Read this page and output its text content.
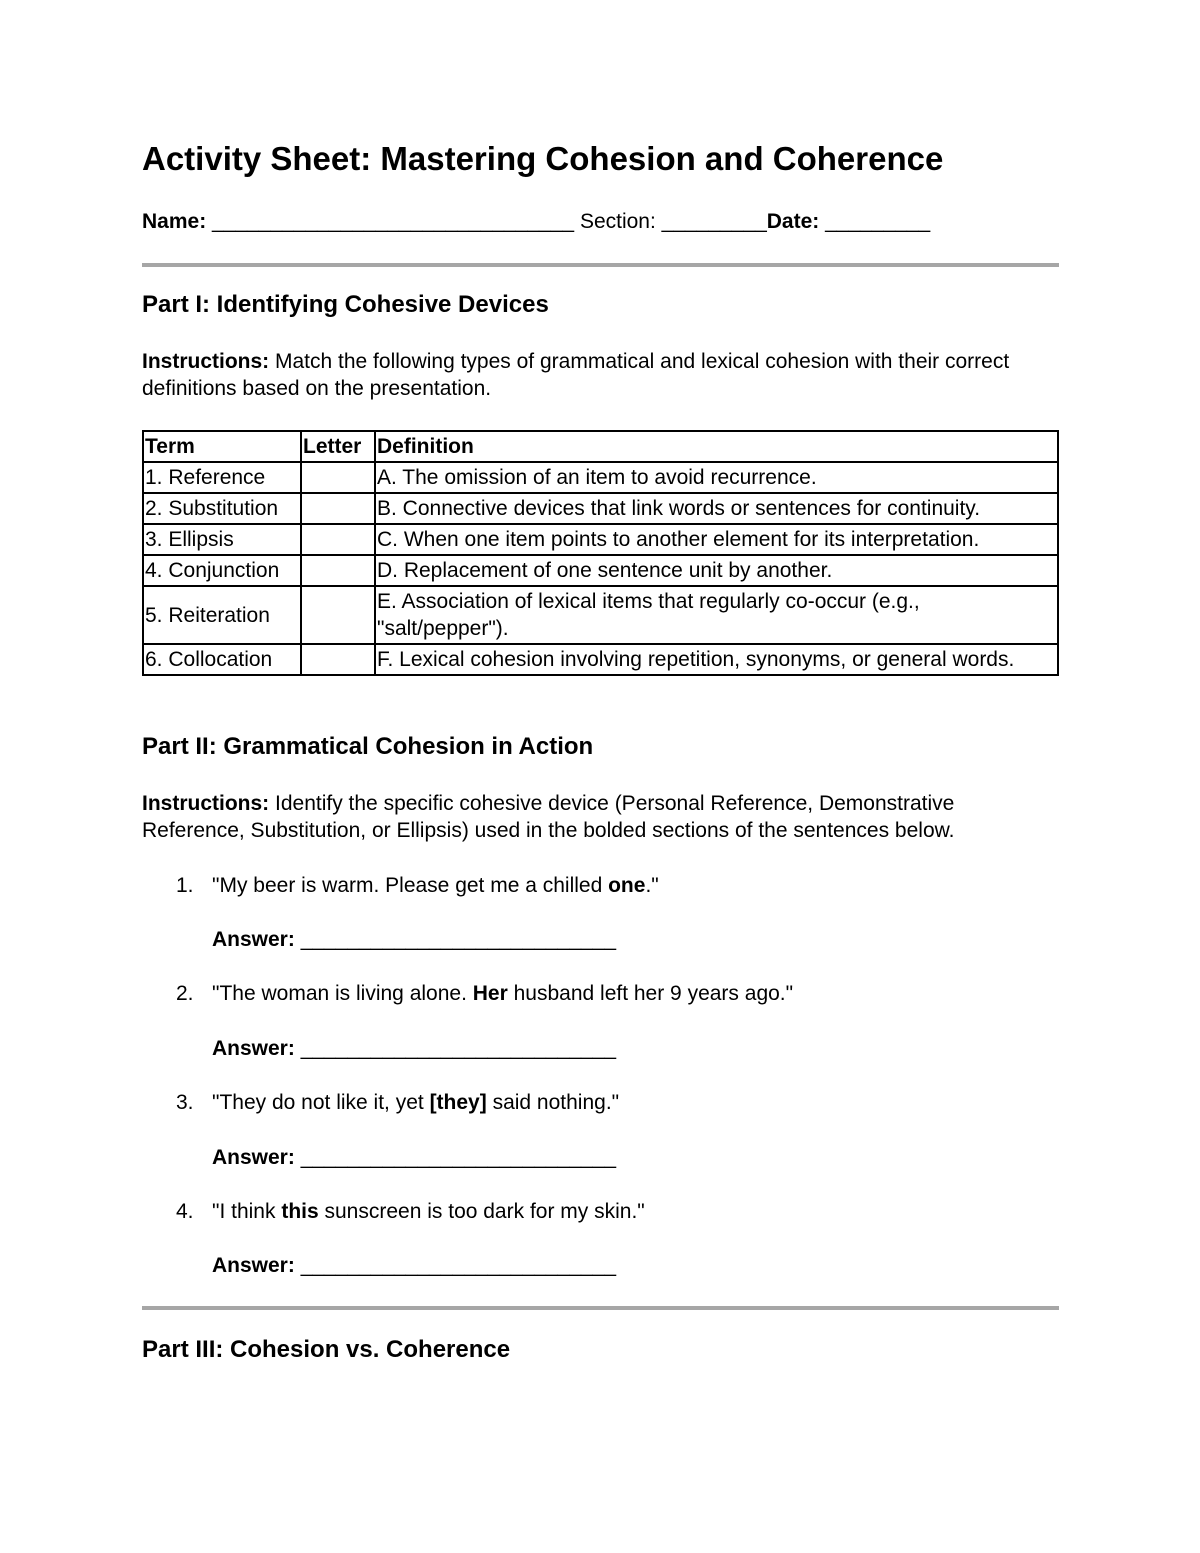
Activity Sheet: Mastering Cohesion and Coherence
Name: _______________________________ Section: _________Date: _________
Part I: Identifying Cohesive Devices

Instructions: Match the following types of grammatical and lexical cohesion with their correct definitions based on the presentation.

Term	Letter	Definition
1. Reference		A. The omission of an item to avoid recurrence.
2. Substitution		B. Connective devices that link words or sentences for continuity.
3. Ellipsis		C. When one item points to another element for its interpretation.
4. Conjunction		D. Replacement of one sentence unit by another.
5. Reiteration		E. Association of lexical items that regularly co-occur (e.g., "salt/pepper").
6. Collocation		F. Lexical cohesion involving repetition, synonyms, or general words.
Part II: Grammatical Cohesion in Action

Instructions: Identify the specific cohesive device (Personal Reference, Demonstrative Reference, Substitution, or Ellipsis) used in the bolded sections of the sentences below.

1. "My beer is warm. Please get me a chilled one."
Answer: ___________________________
2. "The woman is living alone. Her husband left her 9 years ago."
Answer: ___________________________
3. "They do not like it, yet [they] said nothing."
Answer: ___________________________
4. "I think this sunscreen is too dark for my skin."
Answer: ___________________________
Part III: Cohesion vs. Coherence
